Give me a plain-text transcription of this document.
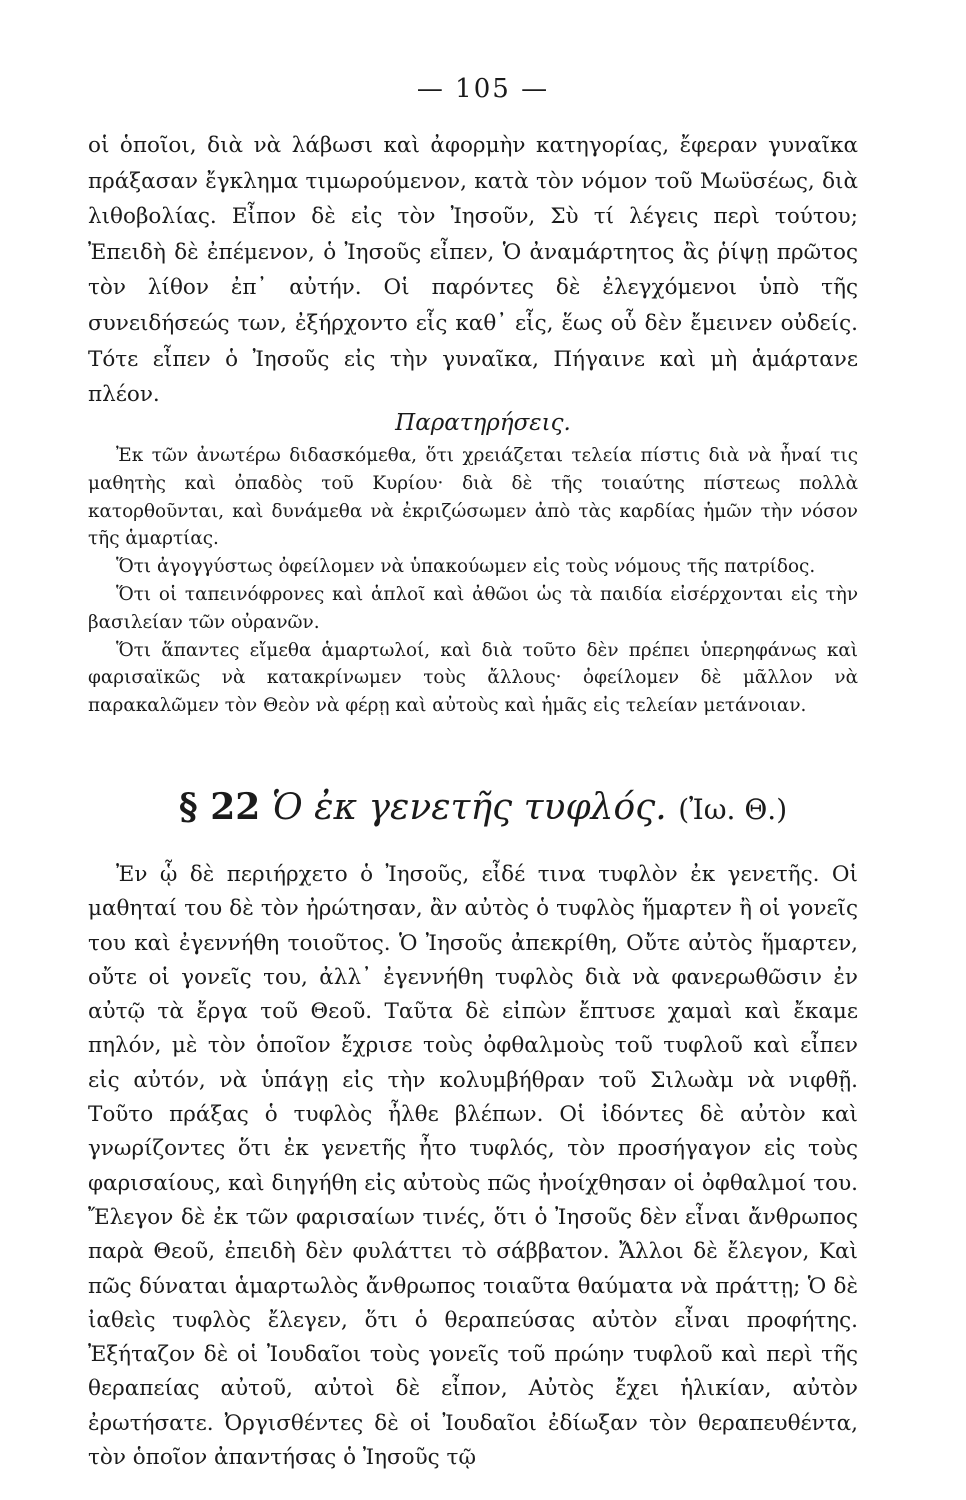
— 105 —
οἱ ὁποῖοι, διὰ νὰ λάβωσι καὶ ἀφορμὴν κατηγορίας, ἔφεραν γυναῖκα πράξασαν ἔγκλημα τιμωρούμενον, κατὰ τὸν νόμον τοῦ Μωϋσέως, διὰ λιθοβολίας. Εἶπον δὲ εἰς τὸν Ἰησοῦν, Σὺ τί λέγεις περὶ τούτου; Ἐπειδὴ δὲ ἐπέμενον, ὁ Ἰησοῦς εἶπεν, Ὁ ἀναμάρτητος ἂς ῥίψῃ πρῶτος τὸν λίθον ἐπ᾽ αὐτήν. Οἱ παρόντες δὲ ἐλεγχόμενοι ὑπὸ τῆς συνειδήσεώς των, ἐξήρχοντο εἷς καθ᾽ εἷς, ἕως οὗ δὲν ἔμεινεν οὐδείς. Τότε εἶπεν ὁ Ἰησοῦς εἰς τὴν γυναῖκα, Πήγαινε καὶ μὴ ἁμάρτανε πλέον.
Παρατηρήσεις.

Ἐκ τῶν ἀνωτέρω διδασκόμεθα, ὅτι χρειάζεται τελεία πίστις διὰ νὰ ἦναί τις μαθητὴς καὶ ὀπαδὸς τοῦ Κυρίου· διὰ δὲ τῆς τοιαύτης πίστεως πολλὰ κατορθοῦνται, καὶ δυνάμεθα νὰ ἐκριζώσωμεν ἀπὸ τὰς καρδίας ἡμῶν τὴν νόσον τῆς ἁμαρτίας.

Ὅτι ἀγογγύστως ὀφείλομεν νὰ ὑπακούωμεν εἰς τοὺς νόμους τῆς πατρίδος.

Ὅτι οἱ ταπεινόφρονες καὶ ἁπλοῖ καὶ ἀθῶοι ὡς τὰ παιδία εἰσέρχονται εἰς τὴν βασιλείαν τῶν οὐρανῶν.

Ὅτι ἅπαντες εἴμεθα ἁμαρτωλοί, καὶ διὰ τοῦτο δὲν πρέπει ὑπερηφάνως καὶ φαρισαϊκῶς νὰ κατακρίνωμεν τοὺς ἄλλους· ὀφείλομεν δὲ μᾶλλον νὰ παρακαλῶμεν τὸν Θεὸν νὰ φέρῃ καὶ αὐτοὺς καὶ ἡμᾶς εἰς τελείαν μετάνοιαν.

§ 22 Ὁ ἐκ γενετῆς τυφλός. (Ἰω. Θ.)
Ἐν ᾧ δὲ περιήρχετο ὁ Ἰησοῦς, εἶδέ τινα τυφλὸν ἐκ γενετῆς. Οἱ μαθηταί του δὲ τὸν ἠρώτησαν, ἂν αὐτὸς ὁ τυφλὸς ἥμαρτεν ἢ οἱ γονεῖς του καὶ ἐγεννήθη τοιοῦτος. Ὁ Ἰησοῦς ἀπεκρίθη, Οὔτε αὐτὸς ἥμαρτεν, οὔτε οἱ γονεῖς του, ἀλλ᾽ ἐγεννήθη τυφλὸς διὰ νὰ φανερωθῶσιν ἐν αὐτῷ τὰ ἔργα τοῦ Θεοῦ. Ταῦτα δὲ εἰπὼν ἔπτυσε χαμαὶ καὶ ἔκαμε πηλόν, μὲ τὸν ὁποῖον ἔχρισε τοὺς ὀφθαλμοὺς τοῦ τυφλοῦ καὶ εἶπεν εἰς αὐτόν, νὰ ὑπάγῃ εἰς τὴν κολυμβήθραν τοῦ Σιλωὰμ νὰ νιφθῇ. Τοῦτο πράξας ὁ τυφλὸς ἦλθε βλέπων. Οἱ ἰδόντες δὲ αὐτὸν καὶ γνωρίζοντες ὅτι ἐκ γενετῆς ἦτο τυφλός, τὸν προσήγαγον εἰς τοὺς φαρισαίους, καὶ διηγήθη εἰς αὐτοὺς πῶς ἠνοίχθησαν οἱ ὀφθαλμοί του. Ἔλεγον δὲ ἐκ τῶν φαρισαίων τινές, ὅτι ὁ Ἰησοῦς δὲν εἶναι ἄνθρωπος παρὰ Θεοῦ, ἐπειδὴ δὲν φυλάττει τὸ σάββατον. Ἄλλοι δὲ ἔλεγον, Καὶ πῶς δύναται ἁμαρτωλὸς ἄνθρωπος τοιαῦτα θαύματα νὰ πράττῃ; Ὁ δὲ ἰαθεὶς τυφλὸς ἔλεγεν, ὅτι ὁ θεραπεύσας αὐτὸν εἶναι προφήτης. Ἐξήταζον δὲ οἱ Ἰουδαῖοι τοὺς γονεῖς τοῦ πρώην τυφλοῦ καὶ περὶ τῆς θεραπείας αὐτοῦ, αὐτοὶ δὲ εἶπον, Αὐτὸς ἔχει ἡλικίαν, αὐτὸν ἐρωτήσατε. Ὀργισθέντες δὲ οἱ Ἰουδαῖοι ἐδίωξαν τὸν θεραπευθέντα, τὸν ὁποῖον ἀπαντήσας ὁ Ἰησοῦς τῷ
